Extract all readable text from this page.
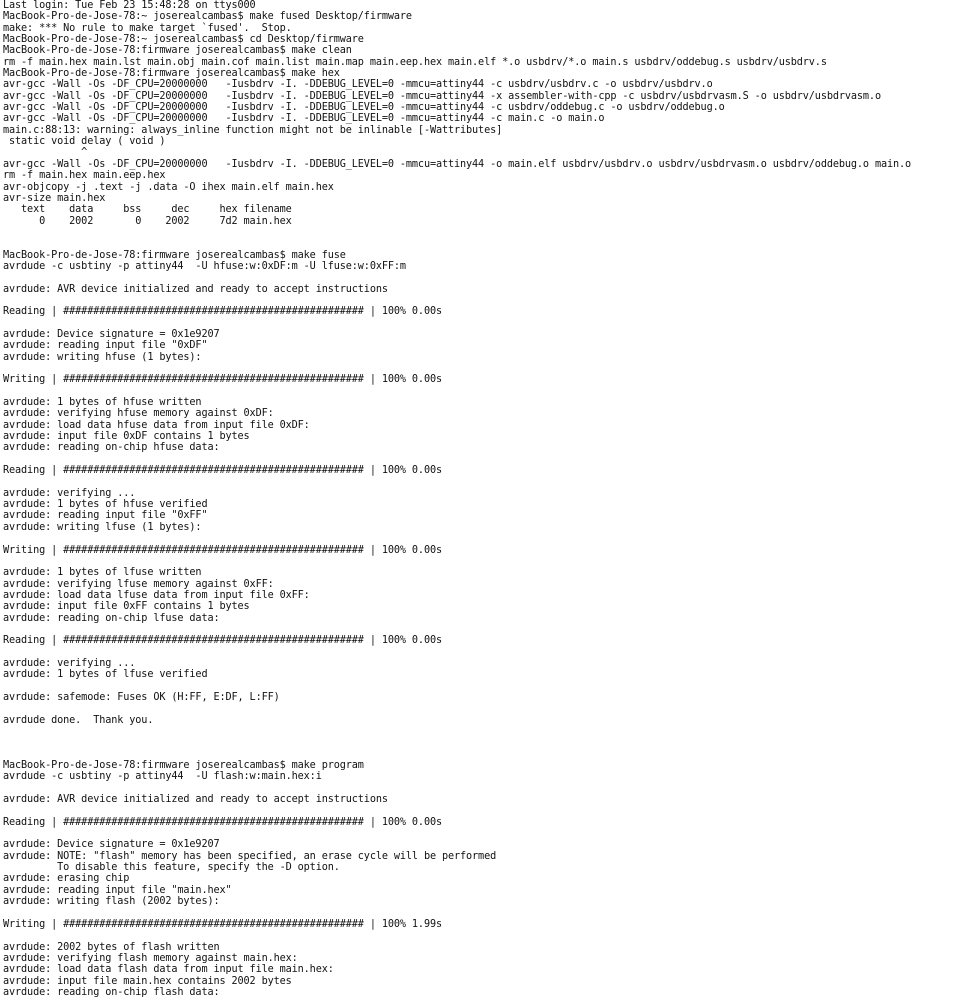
Last login: Tue Feb 23 15:48:28 on ttys000
MacBook-Pro-de-Jose-78:~ joserealcambas$ make fused Desktop/firmware
make: *** No rule to make target `fused'.  Stop.
MacBook-Pro-de-Jose-78:~ joserealcambas$ cd Desktop/firmware
MacBook-Pro-de-Jose-78:firmware joserealcambas$ make clean
rm -f main.hex main.lst main.obj main.cof main.list main.map main.eep.hex main.elf *.o usbdrv/*.o main.s usbdrv/oddebug.s usbdrv/usbdrv.s
MacBook-Pro-de-Jose-78:firmware joserealcambas$ make hex
avr-gcc -Wall -Os -DF_CPU=20000000   -Iusbdrv -I. -DDEBUG_LEVEL=0 -mmcu=attiny44 -c usbdrv/usbdrv.c -o usbdrv/usbdrv.o
avr-gcc -Wall -Os -DF_CPU=20000000   -Iusbdrv -I. -DDEBUG_LEVEL=0 -mmcu=attiny44 -x assembler-with-cpp -c usbdrv/usbdrvasm.S -o usbdrv/usbdrvasm.o
avr-gcc -Wall -Os -DF_CPU=20000000   -Iusbdrv -I. -DDEBUG_LEVEL=0 -mmcu=attiny44 -c usbdrv/oddebug.c -o usbdrv/oddebug.o
avr-gcc -Wall -Os -DF_CPU=20000000   -Iusbdrv -I. -DDEBUG_LEVEL=0 -mmcu=attiny44 -c main.c -o main.o
main.c:88:13: warning: always_inline function might not be inlinable [-Wattributes]
static void delay ( void )
^
avr-gcc -Wall -Os -DF_CPU=20000000   -Iusbdrv -I. -DDEBUG_LEVEL=0 -mmcu=attiny44 -o main.elf usbdrv/usbdrv.o usbdrv/usbdrvasm.o usbdrv/oddebug.o main.o
rm -f main.hex main.eep.hex
avr-objcopy -j .text -j .data -O ihex main.elf main.hex
avr-size main.hex
text	data	bss	dec	hex	filename
0	2002	0	2002	7d2	main.hex
MacBook-Pro-de-Jose-78:firmware joserealcambas$ make fuse
avrdude -c usbtiny -p attiny44  -U hfuse:w:0xDF:m -U lfuse:w:0xFF:m
avrdude: AVR device initialized and ready to accept instructions
Reading | ################################################## | 100% 0.00s
avrdude: Device signature = 0x1e9207
avrdude: reading input file "0xDF"
avrdude: writing hfuse (1 bytes):
Writing | ################################################## | 100% 0.00s
avrdude: 1 bytes of hfuse written
avrdude: verifying hfuse memory against 0xDF:
avrdude: load data hfuse data from input file 0xDF:
avrdude: input file 0xDF contains 1 bytes
avrdude: reading on-chip hfuse data:
Reading | ################################################## | 100% 0.00s
avrdude: verifying ...
avrdude: 1 bytes of hfuse verified
avrdude: reading input file "0xFF"
avrdude: writing lfuse (1 bytes):
Writing | ################################################## | 100% 0.00s
avrdude: 1 bytes of lfuse written
avrdude: verifying lfuse memory against 0xFF:
avrdude: load data lfuse data from input file 0xFF:
avrdude: input file 0xFF contains 1 bytes
avrdude: reading on-chip lfuse data:
Reading | ################################################## | 100% 0.00s
avrdude: verifying ...
avrdude: 1 bytes of lfuse verified
avrdude: safemode: Fuses OK (H:FF, E:DF, L:FF)
avrdude done.  Thank you.
MacBook-Pro-de-Jose-78:firmware joserealcambas$ make program
avrdude -c usbtiny -p attiny44  -U flash:w:main.hex:i
avrdude: AVR device initialized and ready to accept instructions
Reading | ################################################## | 100% 0.00s
avrdude: Device signature = 0x1e9207
avrdude: NOTE: "flash" memory has been specified, an erase cycle will be performed
To disable this feature, specify the -D option.
avrdude: erasing chip
avrdude: reading input file "main.hex"
avrdude: writing flash (2002 bytes):
Writing | ################################################## | 100% 1.99s
avrdude: 2002 bytes of flash written
avrdude: verifying flash memory against main.hex:
avrdude: load data flash data from input file main.hex:
avrdude: input file main.hex contains 2002 bytes
avrdude: reading on-chip flash data:
